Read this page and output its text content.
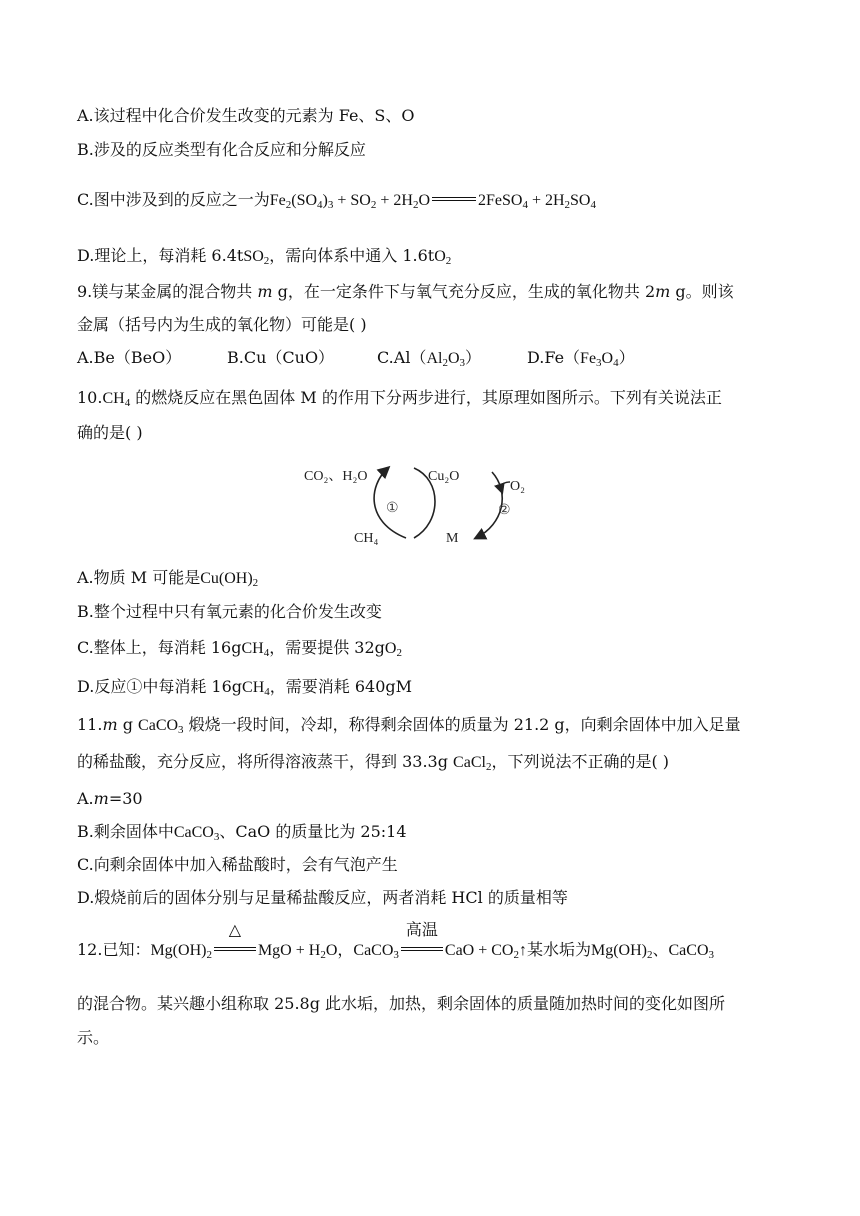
A.该过程中化合价发生改变的元素为 Fe、S、O
B.涉及的反应类型有化合反应和分解反应
C.图中涉及到的反应之一为$Fe_2(SO_4)_3 + SO_2 + 2H_2O$	2FeSO$_4$ + $2H_2SO_4$
D.理论上，每消耗 6.4tSO$_2$，需向体系中通入 $1.6tO_2$
9.镁与某金属的混合物共 m g，在一定条件下与氧气充分反应，生成的氧化物共 2m g。则该
金属（括号内为生成的氧化物）可能是( )
A.Be（BeO）	B.Cu（CuO）	$C.Al(Al_2O_3)$	$D.Fe(Fe_3O_4)$
$10.CH_4$ 的燃烧反应在黑色固体 M 的作用下分两步进行，其原理如图所示。下列有关说法正
确的是( )
CO₂、H₂O	Cu₂O
O₂
CH₄	M
①	②
A.物质 M 可能是$Cu(OH)_2$
B.整个过程中只有氧元素的化合价发生改变
C.整体上，每消耗 16gCH$_4$，需要提供 $32gO_2$
D.反应①中每消耗 16gCH$_4$，需要消耗 640gM
11.m g CaCO$_3$ 煅烧一段时间，冷却，称得剩余固体的质量为 21.2 g，向剩余固体中加入足量
的稀盐酸，充分反应，将所得溶液蒸干，得到 33.3g CaCl$_2$，下列说法不正确的是( )
A.m=30
B.剩余固体中CaCO$_3$、CaO 的质量比为 25:14
C.向剩余固体中加入稀盐酸时，会有气泡产生
D.煅烧前后的固体分别与足量稀盐酸反应，两者消耗 HCl 的质量相等
12.已知：$Mg(OH)_2$
△
MgO + $H_2O$，CaCO$_3$
高温
CaO + $CO_2↑$某水垢为$Mg(OH)_2$、CaCO$_3$
的混合物。某兴趣小组称取 25.8g 此水垢，加热，剩余固体的质量随加热时间的变化如图所
示。
